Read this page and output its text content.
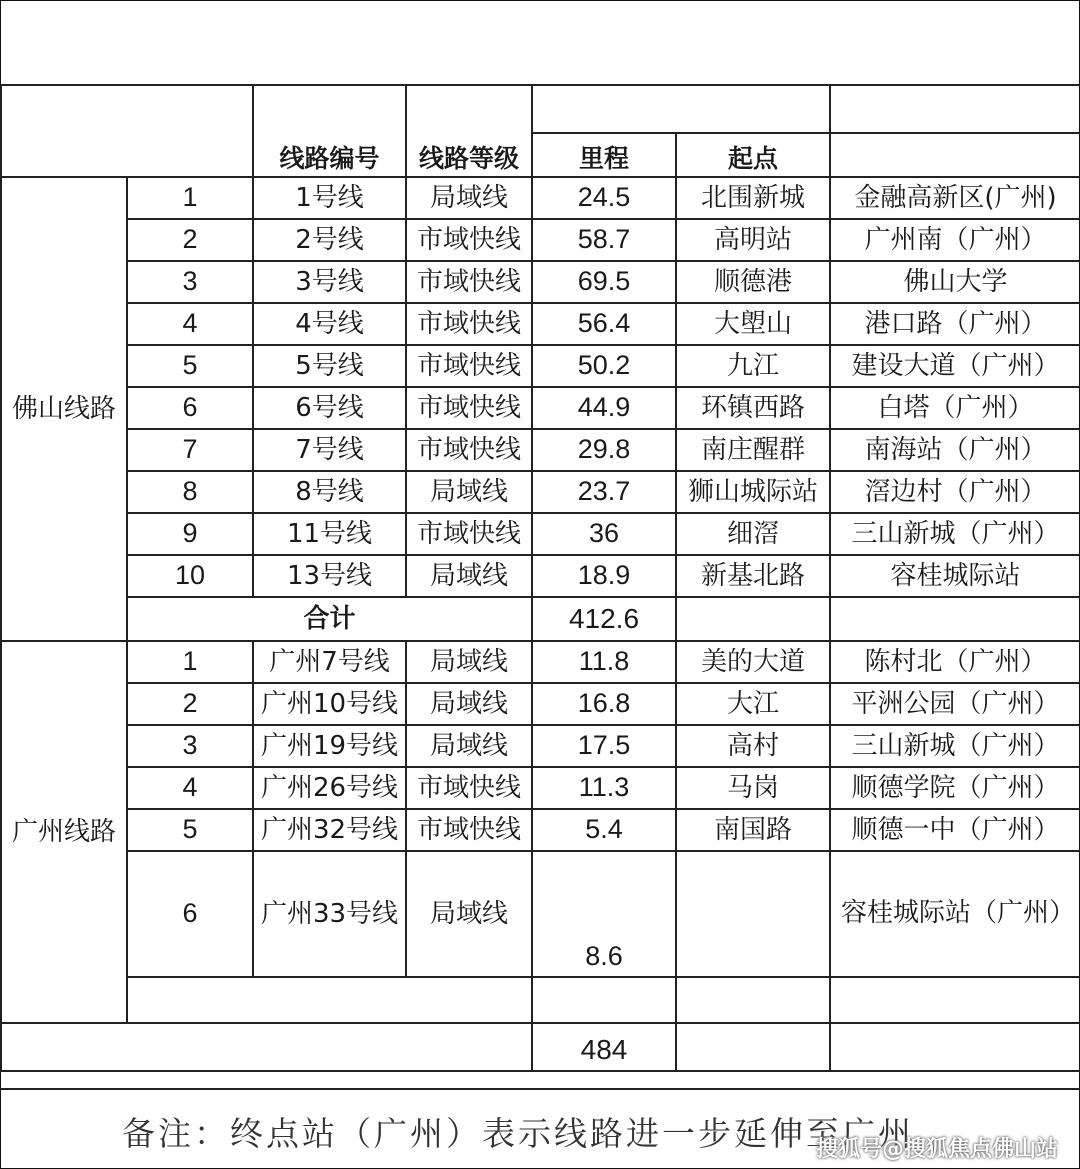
		线路编号	线路等级			
				里程	起点	
佛山线路	1	1号线	局域线	24.5	北围新城	金融高新区(广州)
	2	2号线	市域快线	58.7	高明站	广州南（广州）
	3	3号线	市域快线	69.5	顺德港	佛山大学
	4	4号线	市域快线	56.4	大塱山	港口路（广州）
	5	5号线	市域快线	50.2	九江	建设大道（广州）
	6	6号线	市域快线	44.9	环镇西路	白塔（广州）
	7	7号线	市域快线	29.8	南庄醒群	南海站（广州）
	8	8号线	局域线	23.7	狮山城际站	滘边村（广州）
	9	11号线	市域快线	36	细滘	三山新城（广州）
	10	13号线	局域线	18.9	新基北路	容桂城际站
	合计			412.6		
广州线路	1	广州7号线	局域线	11.8	美的大道	陈村北（广州）
	2	广州10号线	局域线	16.8	大江	平洲公园（广州）
	3	广州19号线	局域线	17.5	高村	三山新城（广州）
	4	广州26号线	市域快线	11.3	马岗	顺德学院（广州）
	5	广州32号线	市域快线	5.4	南国路	顺德一中（广州）
	6	广州33号线	局域线	8.6		容桂城际站（广州）

				484		
备注：终点站（广州）表示线路进一步延伸至广州
搜狐号@搜狐焦点佛山站
